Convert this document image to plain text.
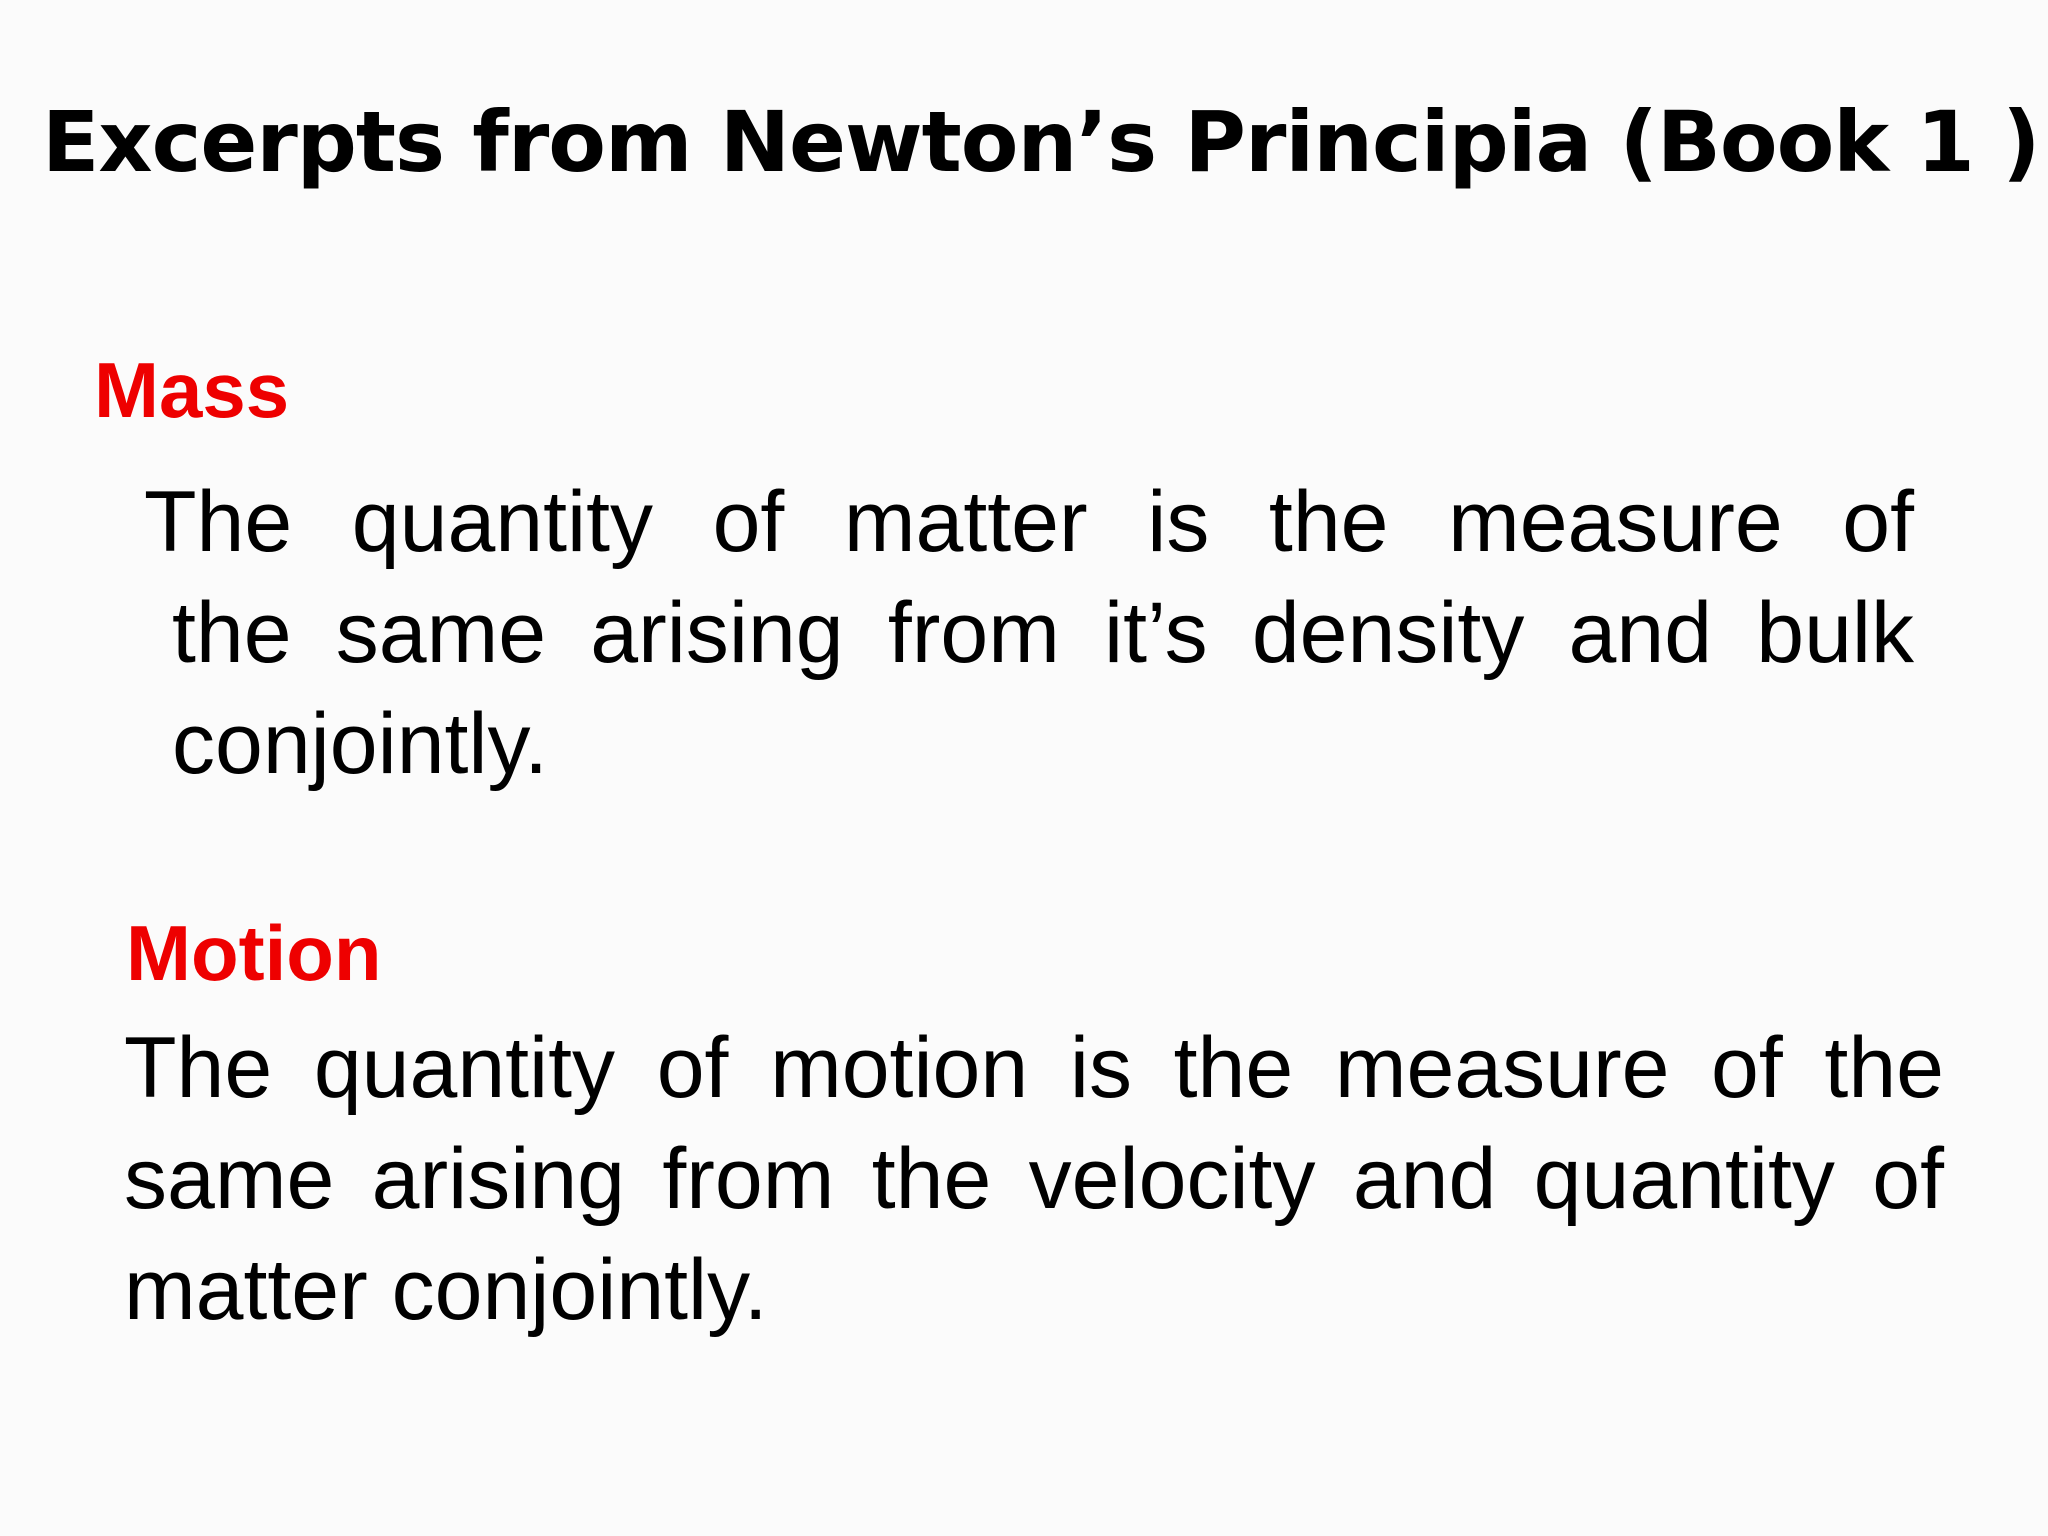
Excerpts from Newton’s Principia (Book 1 )
Mass

The quantity of matter is the measure of
the same arising from it’s density and bulk conjointly.

Motion

The quantity of motion is the measure of the same arising from the velocity and quantity of matter conjointly.
